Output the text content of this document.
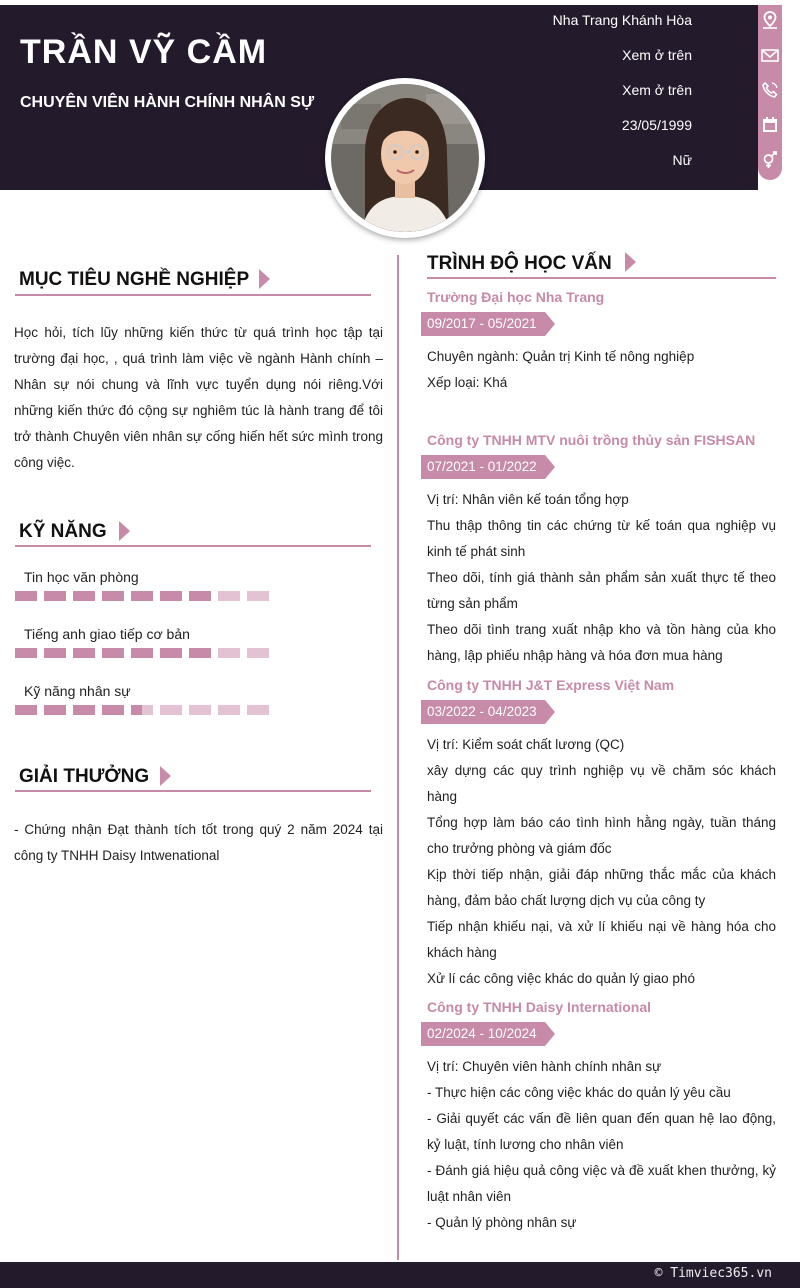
TRẦN VỸ CẦM
CHUYÊN VIÊN HÀNH CHÍNH NHÂN SỰ
Nha Trang Khánh Hòa
Xem ở trên
Xem ở trên
23/05/1999
Nữ
MỤC TIÊU NGHỀ NGHIỆP
Học hỏi, tích lũy những kiến thức từ quá trình học tập tại trường đại học, , quá trình làm việc về ngành Hành chính – Nhân sự nói chung và lĩnh vực tuyển dụng nói riêng.Với những kiến thức đó cộng sự nghiêm túc là hành trang để tôi trở thành Chuyên viên nhân sự cống hiến hết sức mình trong công việc.
KỸ NĂNG
Tin học văn phòng
Tiếng anh giao tiếp cơ bản
Kỹ năng nhân sự
GIẢI THƯỞNG
- Chứng nhận Đạt thành tích tốt trong quý 2 năm 2024 tại công ty TNHH Daisy Intwenational
TRÌNH ĐỘ HỌC VẤN
Trường Đại học Nha Trang
09/2017 - 05/2021
Chuyên ngành: Quản trị Kinh tế nông nghiệp
Xếp loại: Khá
Công ty TNHH MTV nuôi trồng thủy sản FISHSAN
07/2021 - 01/2022
Vị trí: Nhân viên kế toán tổng hợp
Thu thập thông tin các chứng từ kế toán qua nghiệp vụ kinh tế phát sinh
Theo dõi, tính giá thành sản phẩm sản xuất thực tế theo từng sản phẩm
Theo dõi tình trang xuất nhập kho và tồn hàng của kho hàng, lập phiếu nhập hàng và hóa đơn mua hàng
Công ty TNHH J&T Express Việt Nam
03/2022 - 04/2023
Vị trí: Kiểm soát chất lương (QC)
xây dựng các quy trình nghiệp vụ về chăm sóc khách hàng
Tổng hợp làm báo cáo tình hình hằng ngày, tuần tháng cho trưởng phòng và giám đốc
Kịp thời tiếp nhận, giải đáp những thắc mắc của khách hàng, đảm bảo chất lượng dịch vụ của công ty
Tiếp nhận khiếu nại, và xử lí khiếu nại về hàng hóa cho khách hàng
Xử lí các công việc khác do quản lý giao phó
Công ty TNHH Daisy International
02/2024 - 10/2024
Vị trí: Chuyên viên hành chính nhân sự
- Thực hiện các công việc khác do quản lý yêu cầu
- Giải quyết các vấn đề liên quan đến quan hệ lao động, kỷ luật, tính lương cho nhân viên
- Đánh giá hiệu quả công việc và đề xuất khen thưởng, kỷ luật nhân viên
- Quản lý phòng nhân sự
© Timviec365.vn
